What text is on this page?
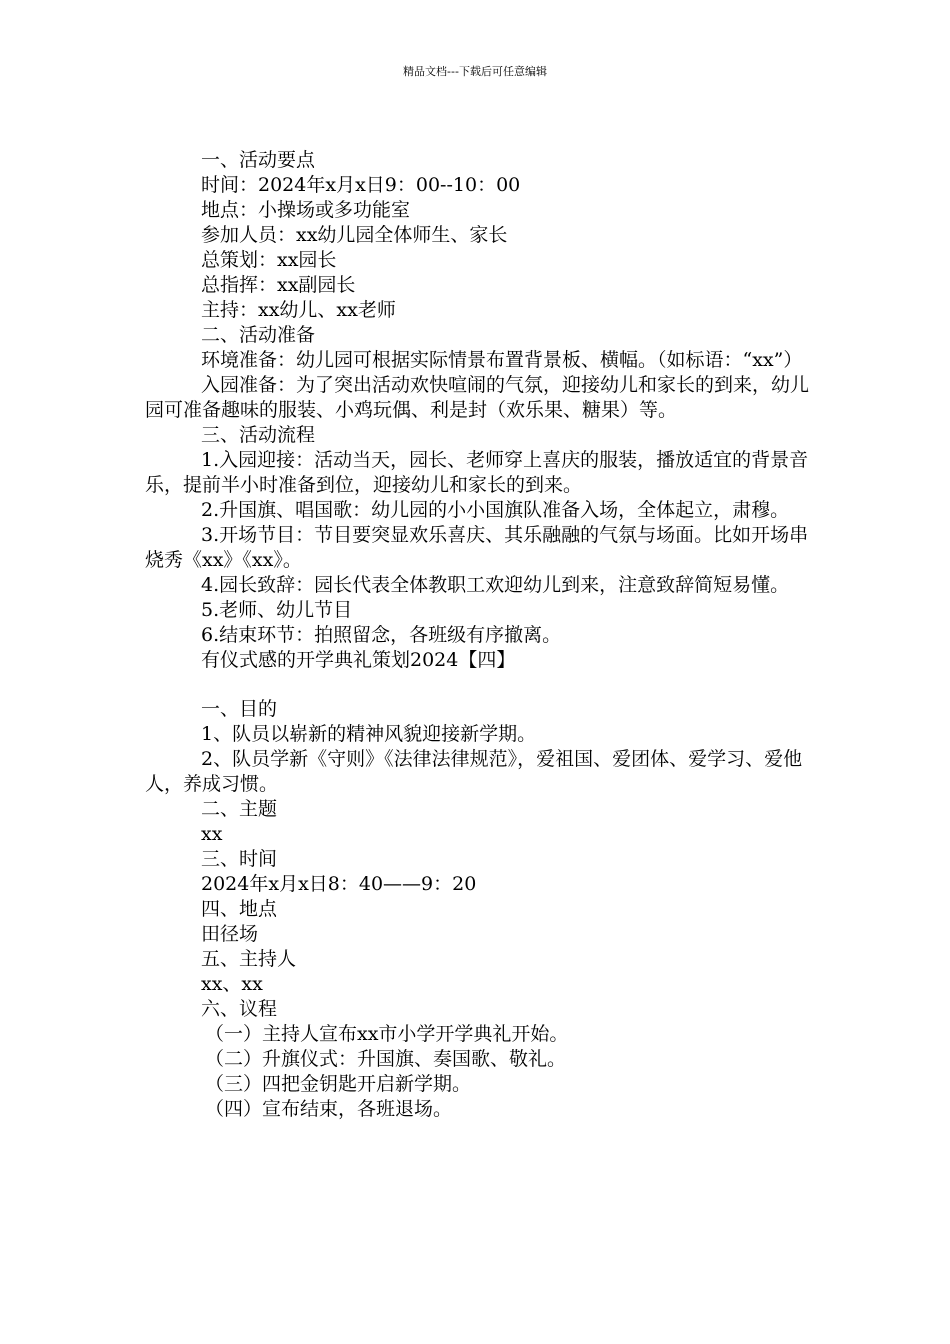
精品文档---下载后可任意编辑

一、活动要点

时间：2024年x月x日9：00--10：00

地点：小操场或多功能室

参加人员：xx幼儿园全体师生、家长

总策划：xx园长

总指挥：xx副园长

主持：xx幼儿、xx老师

二、活动准备

环境准备：幼儿园可根据实际情景布置背景板、横幅。（如标语：“xx”）

入园准备：为了突出活动欢快喧闹的气氛，迎接幼儿和家长的到来，幼儿园可准备趣味的服装、小鸡玩偶、利是封（欢乐果、糖果）等。

三、活动流程

1.入园迎接：活动当天，园长、老师穿上喜庆的服装，播放适宜的背景音乐，提前半小时准备到位，迎接幼儿和家长的到来。

2.升国旗、唱国歌：幼儿园的小小国旗队准备入场，全体起立，肃穆。

3.开场节目：节目要突显欢乐喜庆、其乐融融的气氛与场面。比如开场串烧秀《xx》《xx》。

4.园长致辞：园长代表全体教职工欢迎幼儿到来，注意致辞简短易懂。

5.老师、幼儿节目

6.结束环节：拍照留念，各班级有序撤离。

有仪式感的开学典礼策划2024【四】

一、目的

1、队员以崭新的精神风貌迎接新学期。

2、队员学新《守则》《法律法律规范》，爱祖国、爱团体、爱学习、爱他人，养成习惯。

二、主题

xx

三、时间

2024年x月x日8：40——9：20

四、地点

田径场

五、主持人

xx、xx

六、议程

（一）主持人宣布xx市小学开学典礼开始。

（二）升旗仪式：升国旗、奏国歌、敬礼。

（三）四把金钥匙开启新学期。

（四）宣布结束，各班退场。
